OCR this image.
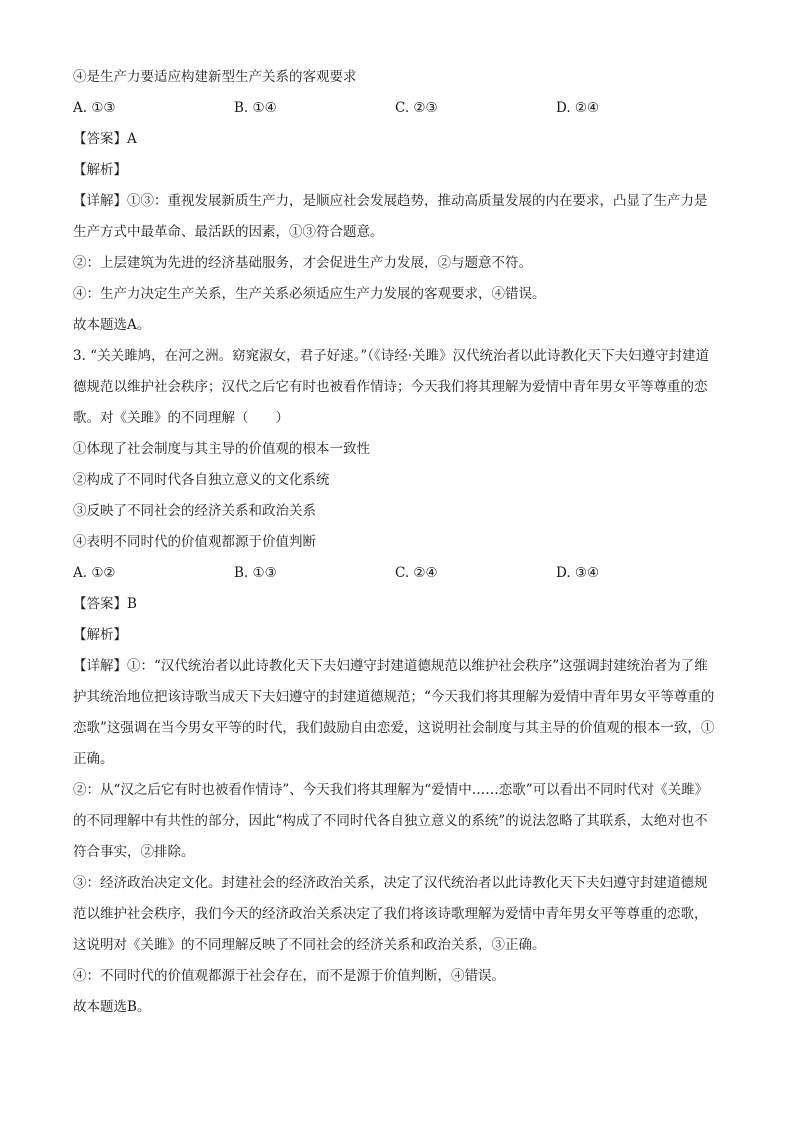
④是生产力要适应构建新型生产关系的客观要求
A. ①③	B. ①④	C. ②③	D. ②④
【答案】A
【解析】
【详解】①③：重视发展新质生产力，是顺应社会发展趋势，推动高质量发展的内在要求，凸显了生产力是生产方式中最革命、最活跃的因素，①③符合题意。
②：上层建筑为先进的经济基础服务，才会促进生产力发展，②与题意不符。
④：生产力决定生产关系，生产关系必须适应生产力发展的客观要求，④错误。
故本题选A。
3. “关关雎鸠，在河之洲。窈窕淑女，君子好逑。”（《诗经·关雎》汉代统治者以此诗教化天下夫妇遵守封建道德规范以维护社会秩序；汉代之后它有时也被看作情诗；今天我们将其理解为爱情中青年男女平等尊重的恋歌。对《关雎》的不同理解（　　）
①体现了社会制度与其主导的价值观的根本一致性
②构成了不同时代各自独立意义的文化系统
③反映了不同社会的经济关系和政治关系
④表明不同时代的价值观都源于价值判断
A. ①②	B. ①③	C. ②④	D. ③④
【答案】B
【解析】
【详解】①：“汉代统治者以此诗教化天下夫妇遵守封建道德规范以维护社会秩序”这强调封建统治者为了维护其统治地位把该诗歌当成天下夫妇遵守的封建道德规范；“今天我们将其理解为爱情中青年男女平等尊重的恋歌”这强调在当今男女平等的时代，我们鼓励自由恋爱，这说明社会制度与其主导的价值观的根本一致，①正确。
②：从“汉之后它有时也被看作情诗”、今天我们将其理解为“爱情中……恋歌”可以看出不同时代对《关雎》的不同理解中有共性的部分，因此“构成了不同时代各自独立意义的系统”的说法忽略了其联系，太绝对也不符合事实，②排除。
③：经济政治决定文化。封建社会的经济政治关系，决定了汉代统治者以此诗教化天下夫妇遵守封建道德规范以维护社会秩序，我们今天的经济政治关系决定了我们将该诗歌理解为爱情中青年男女平等尊重的恋歌，这说明对《关雎》的不同理解反映了不同社会的经济关系和政治关系，③正确。
④：不同时代的价值观都源于社会存在，而不是源于价值判断，④错误。
故本题选B。
